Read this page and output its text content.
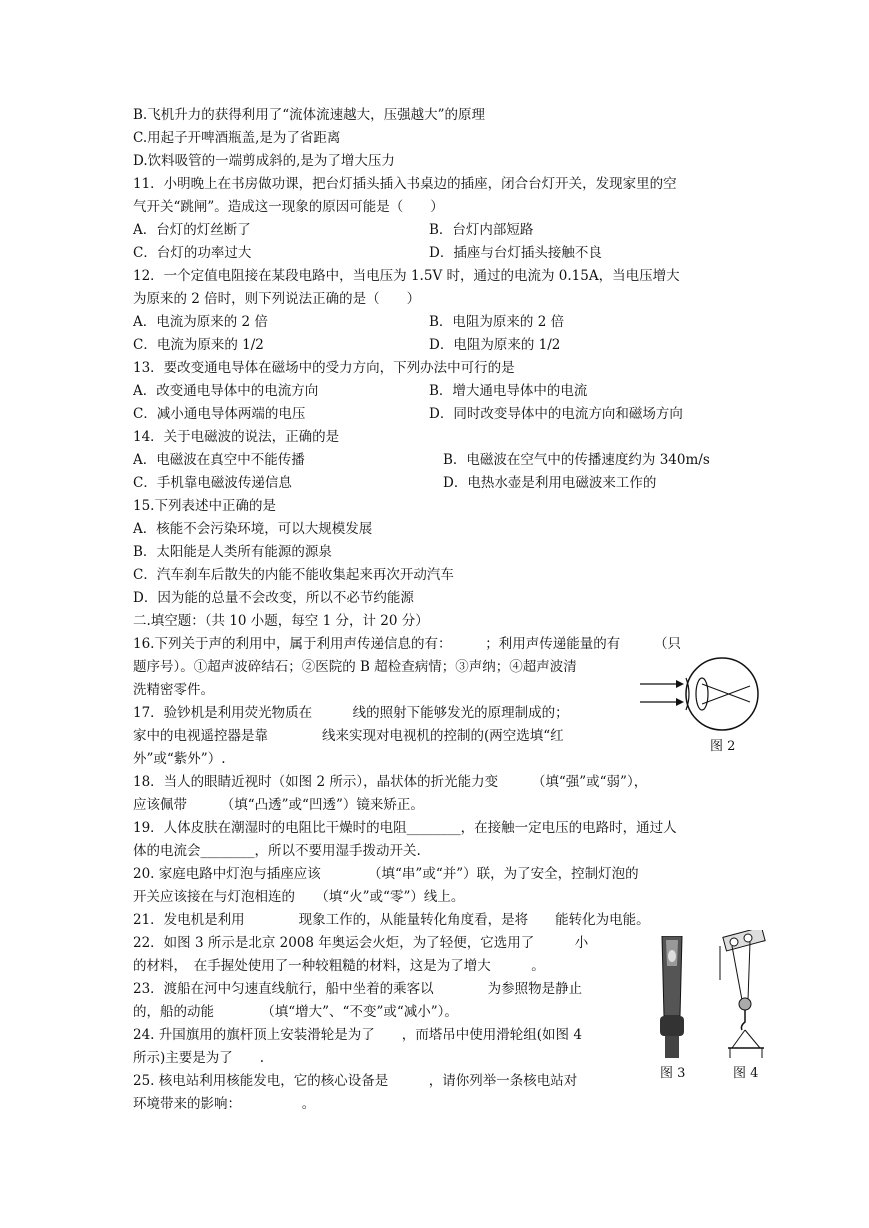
B.飞机升力的获得利用了“流体流速越大，压强越大”的原理
C.用起子开啤酒瓶盖,是为了省距离
D.饮料吸管的一端剪成斜的,是为了增大压力
11．小明晚上在书房做功课，把台灯插头插入书桌边的插座，闭合台灯开关，发现家里的空
气开关“跳闸”。造成这一现象的原因可能是（　　）
A．台灯的灯丝断了	B．台灯内部短路
C．台灯的功率过大	D．插座与台灯插头接触不良
12．一个定值电阻接在某段电路中，当电压为 1.5V 时，通过的电流为 0.15A，当电压增大
为原来的 2 倍时，则下列说法正确的是（　　）
A．电流为原来的 2 倍	B．电阻为原来的 2 倍
C．电流为原来的 1/2	D．电阻为原来的 1/2
13．要改变通电导体在磁场中的受力方向，下列办法中可行的是
A．改变通电导体中的电流方向	B．增大通电导体中的电流
C．减小通电导体两端的电压	D．同时改变导体中的电流方向和磁场方向
14．关于电磁波的说法，正确的是
A．电磁波在真空中不能传播	B．电磁波在空气中的传播速度约为 340m/s
C．手机靠电磁波传递信息	D．电热水壶是利用电磁波来工作的
15.下列表述中正确的是
A．核能不会污染环境，可以大规模发展
B．太阳能是人类所有能源的源泉
C．汽车刹车后散失的内能不能收集起来再次开动汽车
D．因为能的总量不会改变，所以不必节约能源
二.填空题：（共 10 小题，每空 1 分，计 20 分）
16.下列关于声的利用中，属于利用声传递信息的有：　　　；利用声传递能量的有　　　（只
题序号）。①超声波碎结石；②医院的 B 超检查病情；③声纳；④超声波清
洗精密零件。
17．验钞机是利用荧光物质在　　　线的照射下能够发光的原理制成的；
家中的电视遥控器是靠　　　　线来实现对电视机的控制的(两空选填“红
外”或“紫外”）.
18．当人的眼睛近视时（如图 2 所示），晶状体的折光能力变　　　（填“强”或“弱”），
应该佩带　　　（填“凸透”或“凹透”）镜来矫正。
19．人体皮肤在潮湿时的电阻比干燥时的电阻________，在接触一定电压的电路时，通过人
体的电流会________，所以不要用湿手拨动开关.
20. 家庭电路中灯泡与插座应该　　　　（填“串”或“并”）联，为了安全，控制灯泡的
开关应该接在与灯泡相连的　　（填“火”或“零”）线上。
21．发电机是利用　　　　现象工作的，从能量转化角度看，是将　　能转化为电能。
22．如图 3 所示是北京 2008 年奥运会火炬，为了轻便，它选用了　　　小
的材料，　在手握处使用了一种较粗糙的材料，这是为了增大　　　。
23．渡船在河中匀速直线航行，船中坐着的乘客以　　　　为参照物是静止
的，船的动能　　　　（填“增大”、“不变”或“减小”）。
24. 升国旗用的旗杆顶上安装滑轮是为了　　，而塔吊中使用滑轮组(如图 4
所示)主要是为了　　.
25. 核电站利用核能发电，它的核心设备是　　　，请你列举一条核电站对
环境带来的影响：　　　　　。
图 2
图 3	图 4
